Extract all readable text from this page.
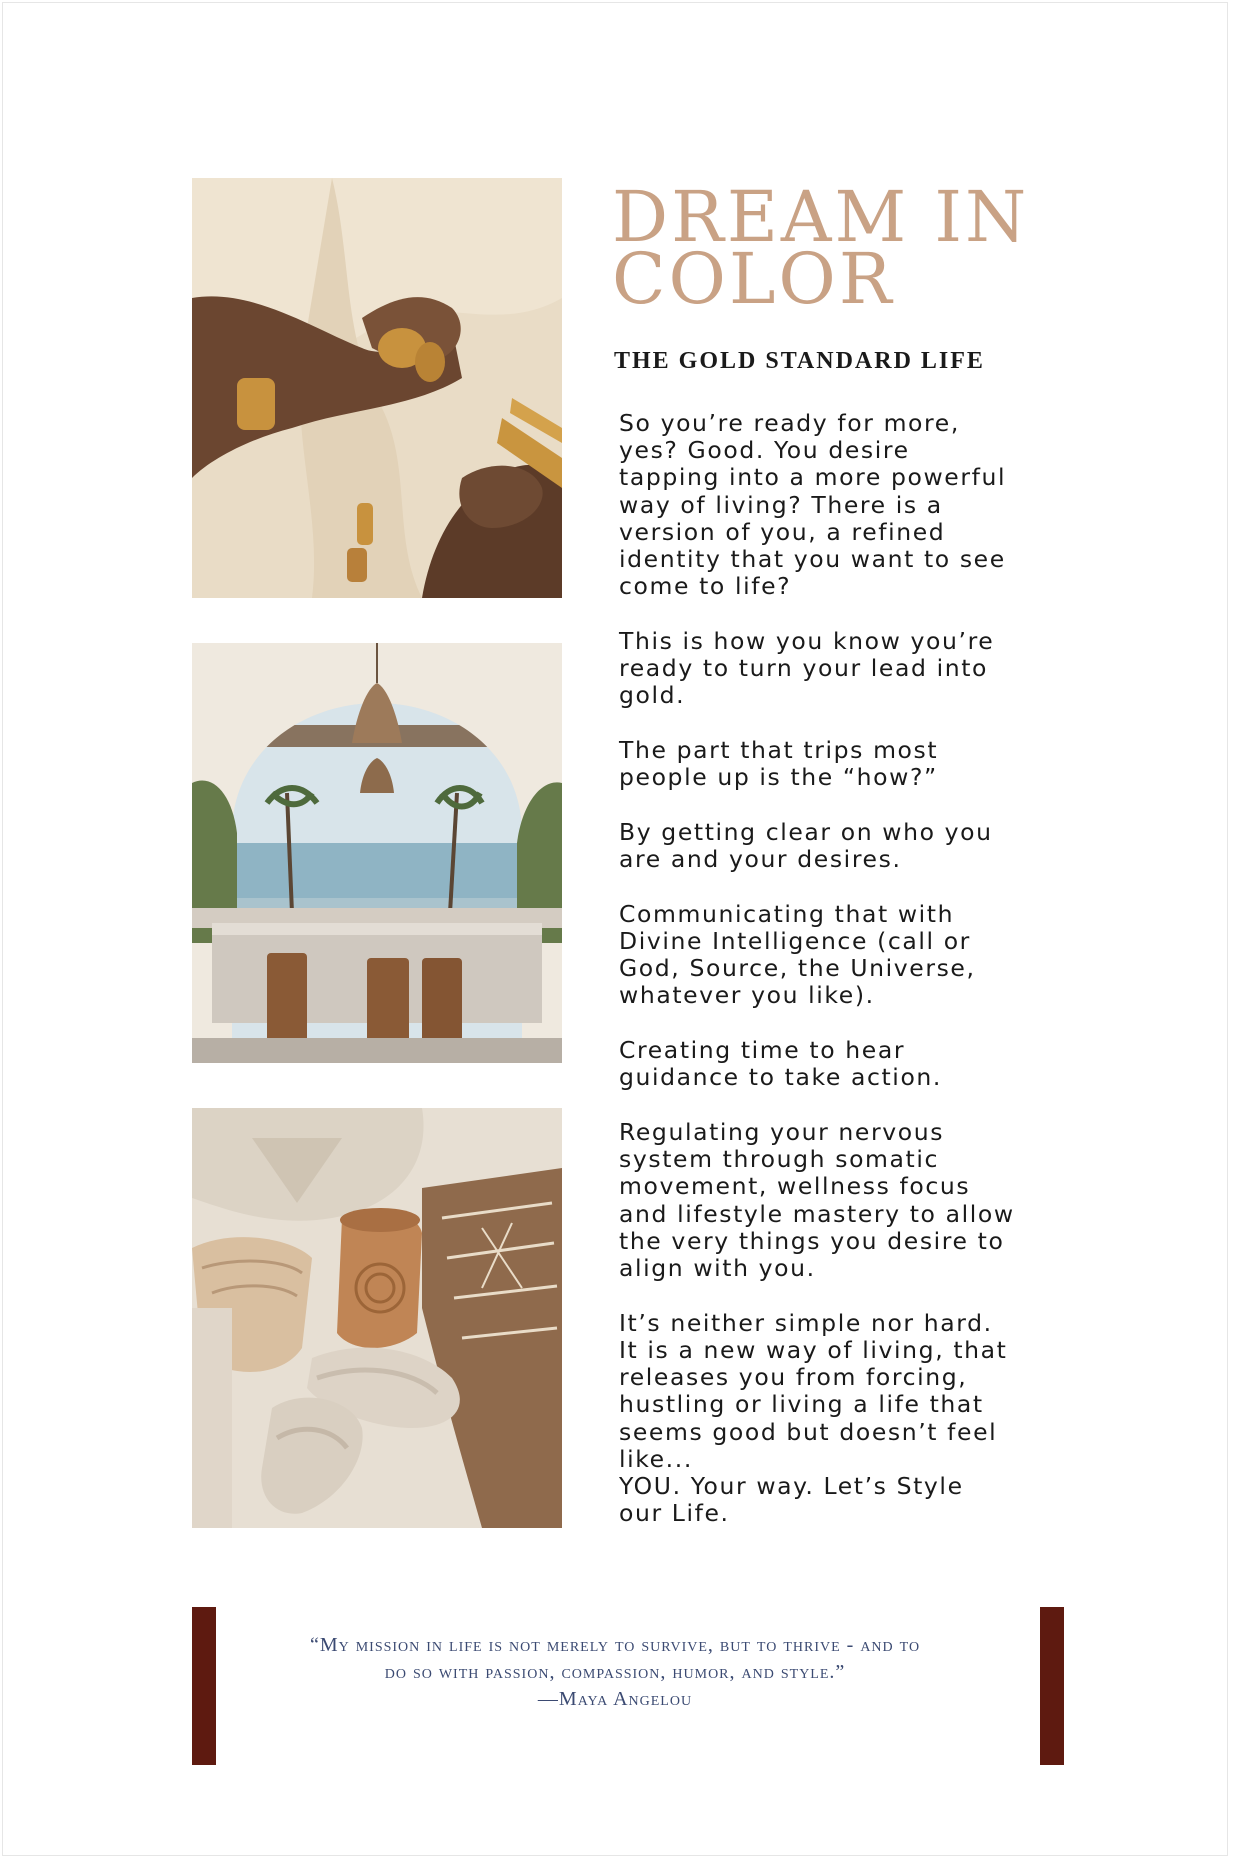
DREAM IN COLOR
THE GOLD STANDARD LIFE

So you’re ready for more,
yes? Good. You desire
tapping into a more powerful
way of living? There is a
version of you, a refined
identity that you want to see
come to life?

This is how you know you’re
ready to turn your lead into
gold.

The part that trips most
people up is the “how?”

By getting clear on who you
are and your desires.

Communicating that with
Divine Intelligence (call or
God, Source, the Universe,
whatever you like).

Creating time to hear
guidance to take action.

Regulating your nervous
system through somatic
movement, wellness focus
and lifestyle mastery to allow
the very things you desire to
align with you.

It’s neither simple nor hard.
It is a new way of living, that
releases you from forcing,
hustling or living a life that
seems good but doesn’t feel
like...
YOU. Your way. Let’s Style
our Life.

“My mission in life is not merely to survive, but to thrive - and to do so with passion, compassion, humor, and style.”
—Maya Angelou
